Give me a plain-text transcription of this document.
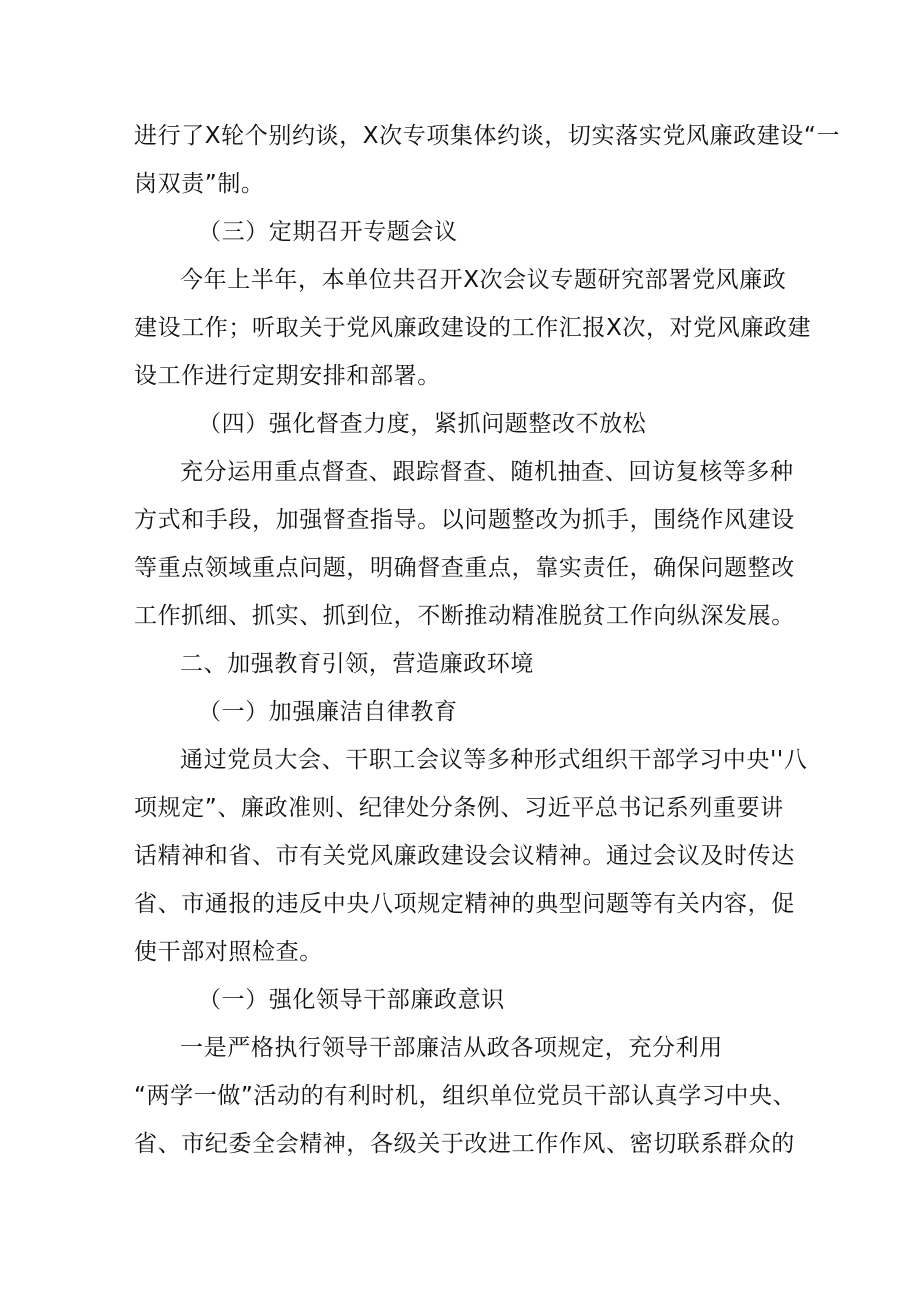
进行了X轮个别约谈，X次专项集体约谈，切实落实党风廉政建设“一
岗双责”制。
（三）定期召开专题会议
今年上半年，本单位共召开X次会议专题研究部署党风廉政
建设工作；听取关于党风廉政建设的工作汇报X次，对党风廉政建
设工作进行定期安排和部署。
（四）强化督查力度，紧抓问题整改不放松
充分运用重点督查、跟踪督查、随机抽查、回访复核等多种
方式和手段，加强督查指导。以问题整改为抓手，围绕作风建设
等重点领域重点问题，明确督查重点，靠实责任，确保问题整改
工作抓细、抓实、抓到位，不断推动精准脱贫工作向纵深发展。
二、加强教育引领，营造廉政环境
（一）加强廉洁自律教育
通过党员大会、干职工会议等多种形式组织干部学习中央''八
项规定”、廉政准则、纪律处分条例、习近平总书记系列重要讲
话精神和省、市有关党风廉政建设会议精神。通过会议及时传达
省、市通报的违反中央八项规定精神的典型问题等有关内容，促
使干部对照检查。
（一）强化领导干部廉政意识
一是严格执行领导干部廉洁从政各项规定，充分利用
“两学一做”活动的有利时机，组织单位党员干部认真学习中央、
省、市纪委全会精神，各级关于改进工作作风、密切联系群众的
